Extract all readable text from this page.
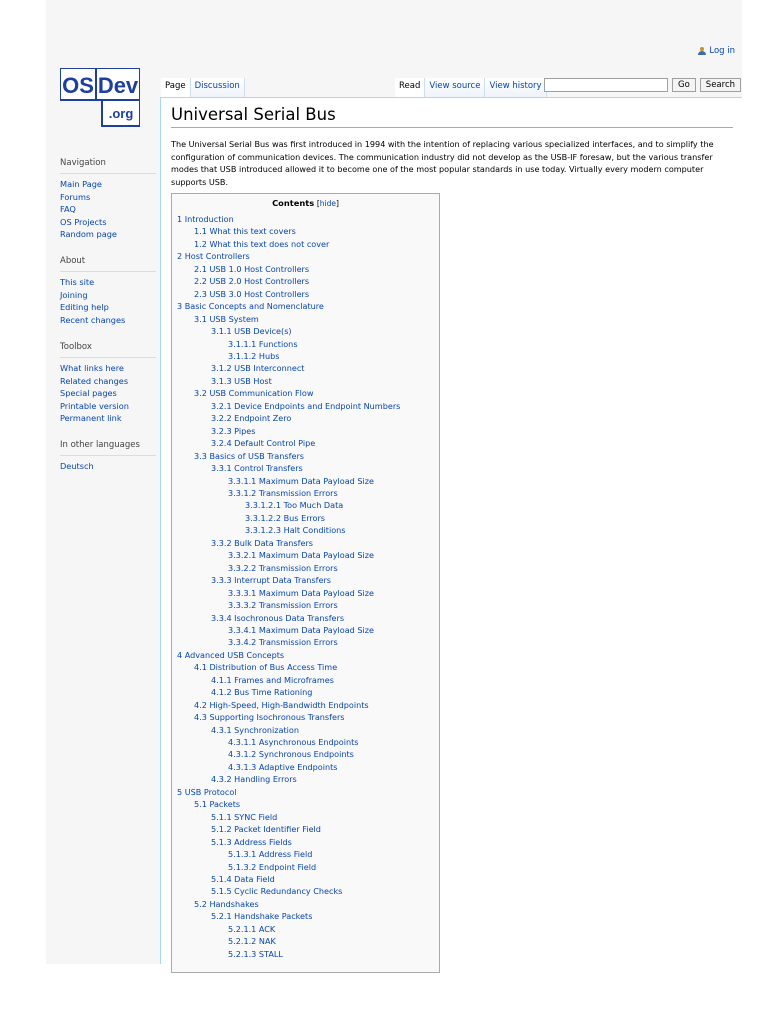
Log in
OS Dev
.org
Page	Discussion	Read	View source	View history	Go	Search
Navigation
Main Page
Forums
FAQ
OS Projects
Random page
About
This site
Joining
Editing help
Recent changes
Toolbox
What links here
Related changes
Special pages
Printable version
Permanent link
In other languages
Deutsch
Universal Serial Bus

The Universal Serial Bus was first introduced in 1994 with the intention of replacing various specialized interfaces, and to simplify the configuration of communication devices. The communication industry did not develop as the USB-IF foresaw, but the various transfer modes that USB introduced allowed it to become one of the most popular standards in use today. Virtually every modern computer supports USB.

Contents [hide]
1 Introduction
1.1 What this text covers
1.2 What this text does not cover
2 Host Controllers
2.1 USB 1.0 Host Controllers
2.2 USB 2.0 Host Controllers
2.3 USB 3.0 Host Controllers
3 Basic Concepts and Nomenclature
3.1 USB System
3.1.1 USB Device(s)
3.1.1.1 Functions
3.1.1.2 Hubs
3.1.2 USB Interconnect
3.1.3 USB Host
3.2 USB Communication Flow
3.2.1 Device Endpoints and Endpoint Numbers
3.2.2 Endpoint Zero
3.2.3 Pipes
3.2.4 Default Control Pipe
3.3 Basics of USB Transfers
3.3.1 Control Transfers
3.3.1.1 Maximum Data Payload Size
3.3.1.2 Transmission Errors
3.3.1.2.1 Too Much Data
3.3.1.2.2 Bus Errors
3.3.1.2.3 Halt Conditions
3.3.2 Bulk Data Transfers
3.3.2.1 Maximum Data Payload Size
3.3.2.2 Transmission Errors
3.3.3 Interrupt Data Transfers
3.3.3.1 Maximum Data Payload Size
3.3.3.2 Transmission Errors
3.3.4 Isochronous Data Transfers
3.3.4.1 Maximum Data Payload Size
3.3.4.2 Transmission Errors
4 Advanced USB Concepts
4.1 Distribution of Bus Access Time
4.1.1 Frames and Microframes
4.1.2 Bus Time Rationing
4.2 High-Speed, High-Bandwidth Endpoints
4.3 Supporting Isochronous Transfers
4.3.1 Synchronization
4.3.1.1 Asynchronous Endpoints
4.3.1.2 Synchronous Endpoints
4.3.1.3 Adaptive Endpoints
4.3.2 Handling Errors
5 USB Protocol
5.1 Packets
5.1.1 SYNC Field
5.1.2 Packet Identifier Field
5.1.3 Address Fields
5.1.3.1 Address Field
5.1.3.2 Endpoint Field
5.1.4 Data Field
5.1.5 Cyclic Redundancy Checks
5.2 Handshakes
5.2.1 Handshake Packets
5.2.1.1 ACK
5.2.1.2 NAK
5.2.1.3 STALL
